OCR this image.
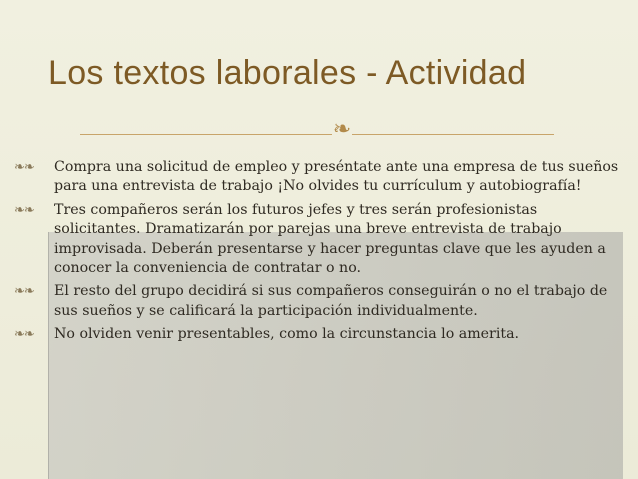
Los textos laborales - Actividad
❧
❧❧	Compra una solicitud de empleo y preséntate ante una empresa de tus sueños para una entrevista de trabajo ¡No olvides tu currículum y autobiografía!
❧❧	Tres compañeros serán los futuros jefes y tres serán profesionistas solicitantes. Dramatizarán por parejas una breve entrevista de trabajo improvisada. Deberán presentarse y hacer preguntas clave que les ayuden a conocer la conveniencia de contratar o no.
❧❧	El resto del grupo decidirá si sus compañeros conseguirán o no el trabajo de sus sueños y se calificará la participación individualmente.
❧❧	No olviden venir presentables, como la circunstancia lo amerita.
